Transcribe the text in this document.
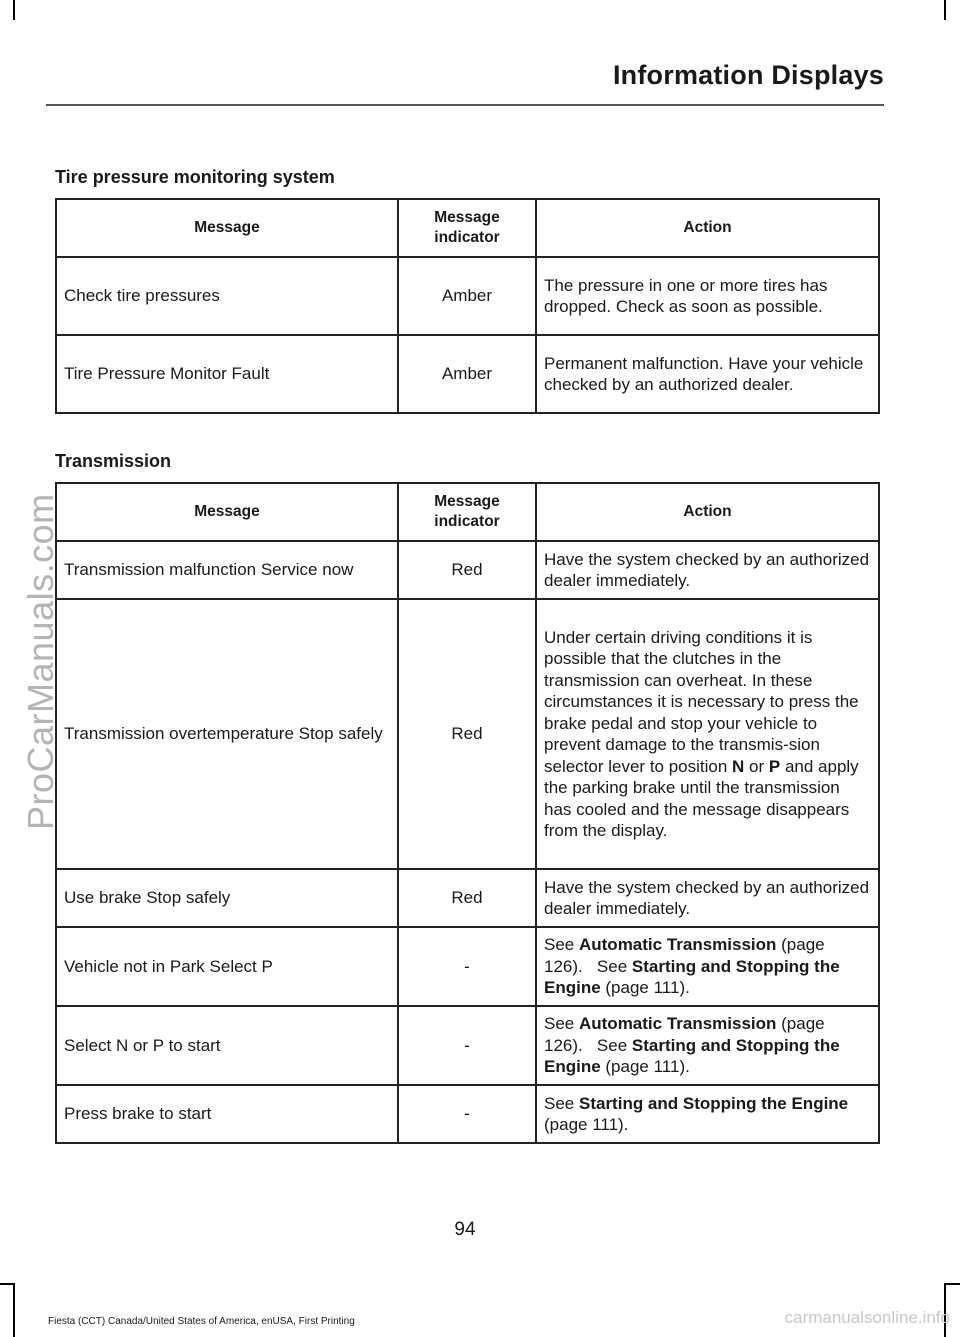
Information Displays
Tire pressure monitoring system
Message	Message indicator	Action
Check tire pressures	Amber	The pressure in one or more tires has dropped. Check as soon as possible.
Tire Pressure Monitor Fault	Amber	Permanent malfunction. Have your vehicle checked by an authorized dealer.
Transmission
Message	Message indicator	Action
Transmission malfunction Service now	Red	Have the system checked by an authorized dealer immediately.
Transmission overtemperature Stop safely	Red	Under certain driving conditions it is possible that the clutches in the transmission can overheat. In these circumstances it is necessary to press the brake pedal and stop your vehicle to prevent damage to the transmis-sion selector lever to position N or P and apply the parking brake until the transmission has cooled and the message disappears from the display.
Use brake Stop safely	Red	Have the system checked by an authorized dealer immediately.
Vehicle not in Park Select P	-	See Automatic Transmission (page 126). See Starting and Stopping the Engine (page 111).
Select N or P to start	-	See Automatic Transmission (page 126). See Starting and Stopping the Engine (page 111).
Press brake to start	-	See Starting and Stopping the Engine (page 111).
94
Fiesta (CCT) Canada/United States of America, enUSA, First Printing	carmanualsonline.info
ProCarManuals.com
